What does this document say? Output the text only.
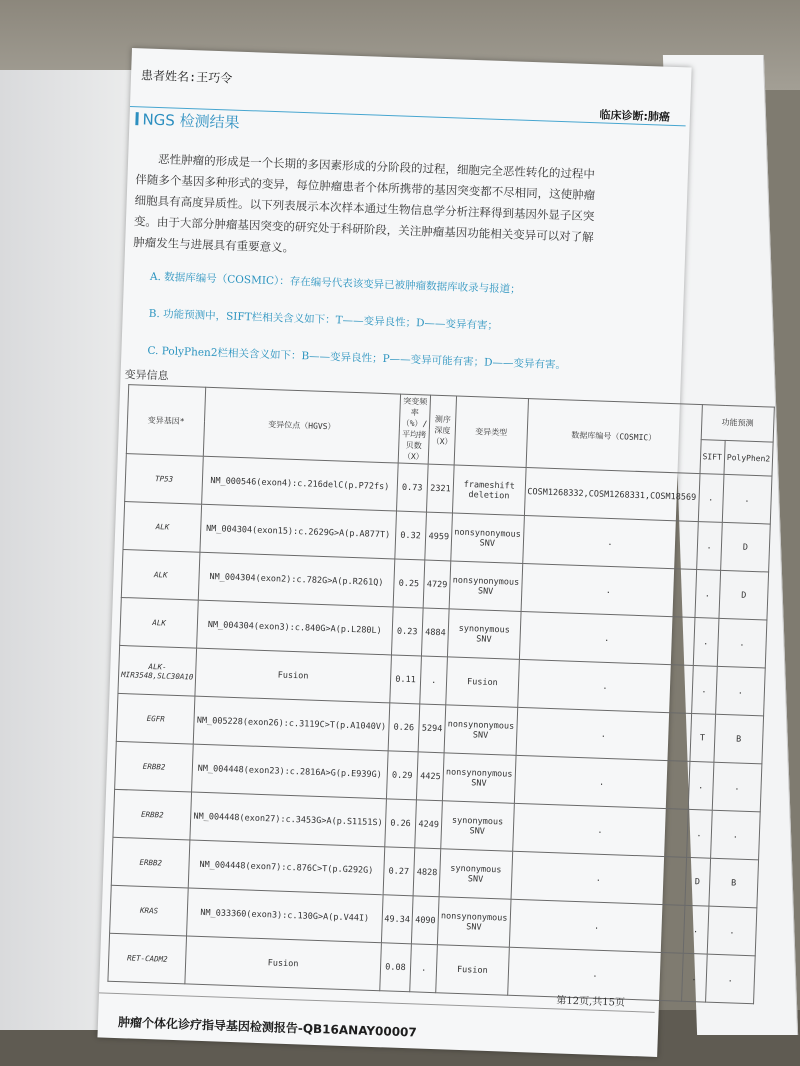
患者姓名:王巧令
临床诊断:肺癌
NGS 检测结果
恶性肿瘤的形成是一个长期的多因素形成的分阶段的过程，细胞完全恶性转化的过程中伴随多个基因多种形式的变异，每位肿瘤患者个体所携带的基因突变都不尽相同，这使肿瘤细胞具有高度异质性。以下列表展示本次样本通过生物信息学分析注释得到基因外显子区突变。由于大部分肿瘤基因突变的研究处于科研阶段，关注肿瘤基因功能相关变异可以对了解肿瘤发生与进展具有重要意义。
A. 数据库编号（COSMIC）：存在编号代表该变异已被肿瘤数据库收录与报道；
B. 功能预测中，SIFT栏相关含义如下：T——变异良性；D——变异有害；
C. PolyPhen2栏相关含义如下：B——变异良性；P——变异可能有害；D——变异有害。
变异信息
变异基因*	变异位点（HGVS）	突变频率（%）/平均拷贝数（X）	测序深度（X）	变异类型	数据库编号（COSMIC）	功能预测	
						SIFT	PolyPhen2
TP53	NM_000546(exon4):c.216delC(p.P72fs)	0.73	2321	frameshift deletion	COSM1268332,COSM1268331,COSM18569	.	.
ALK	NM_004304(exon15):c.2629G>A(p.A877T)	0.32	4959	nonsynonymous SNV	.	.	D
ALK	NM_004304(exon2):c.782G>A(p.R261Q)	0.25	4729	nonsynonymous SNV	.	.	D
ALK	NM_004304(exon3):c.840G>A(p.L280L)	0.23	4884	synonymous SNV	.	.	.
ALK-MIR3548,SLC30A10	Fusion	0.11	.	Fusion	.	.	.
EGFR	NM_005228(exon26):c.3119C>T(p.A1040V)	0.26	5294	nonsynonymous SNV	.	T	B
ERBB2	NM_004448(exon23):c.2816A>G(p.E939G)	0.29	4425	nonsynonymous SNV	.	.	.
ERBB2	NM_004448(exon27):c.3453G>A(p.S1151S)	0.26	4249	synonymous SNV	.	.	.
ERBB2	NM_004448(exon7):c.876C>T(p.G292G)	0.27	4828	synonymous SNV	.	D	B
KRAS	NM_033360(exon3):c.130G>A(p.V44I)	49.34	4090	nonsynonymous SNV	.	.	.
RET-CADM2	Fusion	0.08	.	Fusion	.	.	.
第12页,共15页
肿瘤个体化诊疗指导基因检测报告-QB16ANAY00007
